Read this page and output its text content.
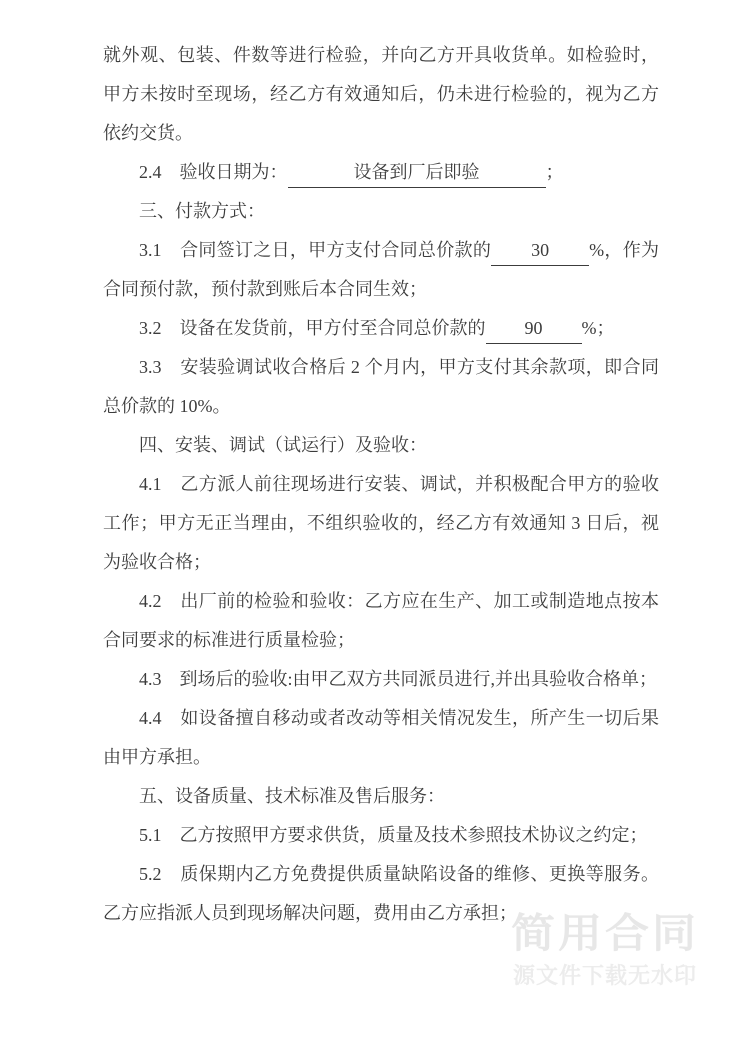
就外观、包装、件数等进行检验，并向乙方开具收货单。如检验时，甲方未按时至现场，经乙方有效通知后，仍未进行检验的，视为乙方依约交货。

2.4　验收日期为：	设备到厂后即验	；

三、付款方式：

3.1　合同签订之日，甲方支付合同总价款的 30 %，作为合同预付款，预付款到账后本合同生效；

3.2　设备在发货前，甲方付至合同总价款的 90 %；

3.3　安装验调试收合格后 2 个月内，甲方支付其余款项，即合同总价款的 10%。

四、安装、调试（试运行）及验收：

4.1　乙方派人前往现场进行安装、调试，并积极配合甲方的验收工作；甲方无正当理由，不组织验收的，经乙方有效通知 3 日后，视为验收合格；

4.2　出厂前的检验和验收：乙方应在生产、加工或制造地点按本合同要求的标准进行质量检验；

4.3　到场后的验收:由甲乙双方共同派员进行,并出具验收合格单；

4.4　如设备擅自移动或者改动等相关情况发生，所产生一切后果由甲方承担。

五、设备质量、技术标准及售后服务：

5.1　乙方按照甲方要求供货，质量及技术参照技术协议之约定；

5.2　质保期内乙方免费提供质量缺陷设备的维修、更换等服务。乙方应指派人员到现场解决问题，费用由乙方承担；

简用合同
源文件下载无水印
